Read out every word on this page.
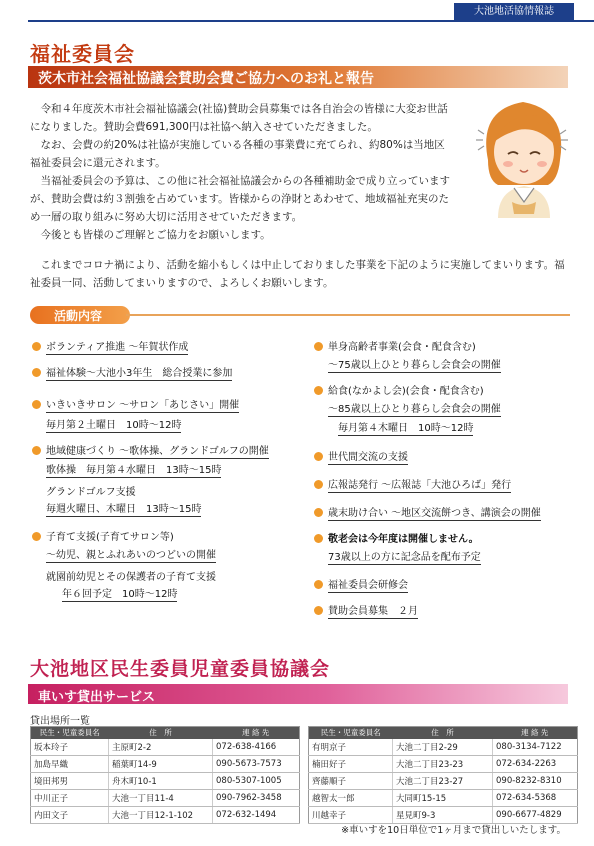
大池地活協情報誌
福祉委員会
茨木市社会福祉協議会賛助会費ご協力へのお礼と報告

令和４年度茨木市社会福祉協議会(社協)賛助会員募集では各自治会の皆様に大変お世話になりました。賛助会費691,300円は社協へ納入させていただきました。

なお、会費の約20%は社協が実施している各種の事業費に充てられ、約80%は当地区福祉委員会に還元されます。

当福祉委員会の予算は、この他に社会福祉協議会からの各種補助金で成り立っていますが、賛助会費は約３割強を占めています。皆様からの浄財とあわせて、地域福祉充実のため一層の取り組みに努め大切に活用させていただきます。

今後とも皆様のご理解とご協力をお願いします。

これまでコロナ禍により、活動を縮小もしくは中止しておりました事業を下記のように実施してまいります。福祉委員一同、活動してまいりますので、よろしくお願いします。

活動内容
ボランティア推進 ～年賀状作成
福祉体験～大池小3年生　総合授業に参加
いきいきサロン ～サロン「あじさい」開催
毎月第２土曜日　10時～12時
地域健康づくり ～歌体操、グランドゴルフの開催
歌体操　毎月第４水曜日　13時～15時
グランドゴルフ支援
毎週火曜日、木曜日　13時～15時
子育て支援(子育てサロン等)
～幼児、親とふれあいのつどいの開催
就園前幼児とその保護者の子育て支援
年６回予定　10時～12時
単身高齢者事業(会食・配食含む)
～75歳以上ひとり暮らし会食会の開催
給食(なかよし会)(会食・配食含む)
～85歳以上ひとり暮らし会食会の開催
毎月第４木曜日　10時～12時
世代間交流の支援
広報誌発行 ～広報誌「大池ひろば」発行
歳末助け合い ～地区交流餅つき、講演会の開催
敬老会は今年度は開催しません。
73歳以上の方に記念品を配布予定
福祉委員会研修会
賛助会員募集　２月
大池地区民生委員児童委員協議会
車いす貸出サービス
貸出場所一覧
民生・児童委員名	住　所	連 絡 先
坂本玲子	主原町2-2	072-638-4166
加島早織	稲葉町14-9	090-5673-7573
境田邦男	舟木町10-1	080-5307-1005
中川正子	大池一丁目11-4	090-7962-3458
内田文子	大池一丁目12-1-102	072-632-1494
民生・児童委員名	住　所	連 絡 先
有明京子	大池二丁目2-29	080-3134-7122
楠田好子	大池二丁目23-23	072-634-2263
齊藤順子	大池二丁目23-27	090-8232-8310
越智太一郎	大同町15-15	072-634-5368
川越幸子	星見町9-3	090-6677-4829
※車いすを10日単位で1ヶ月まで貸出しいたします。
